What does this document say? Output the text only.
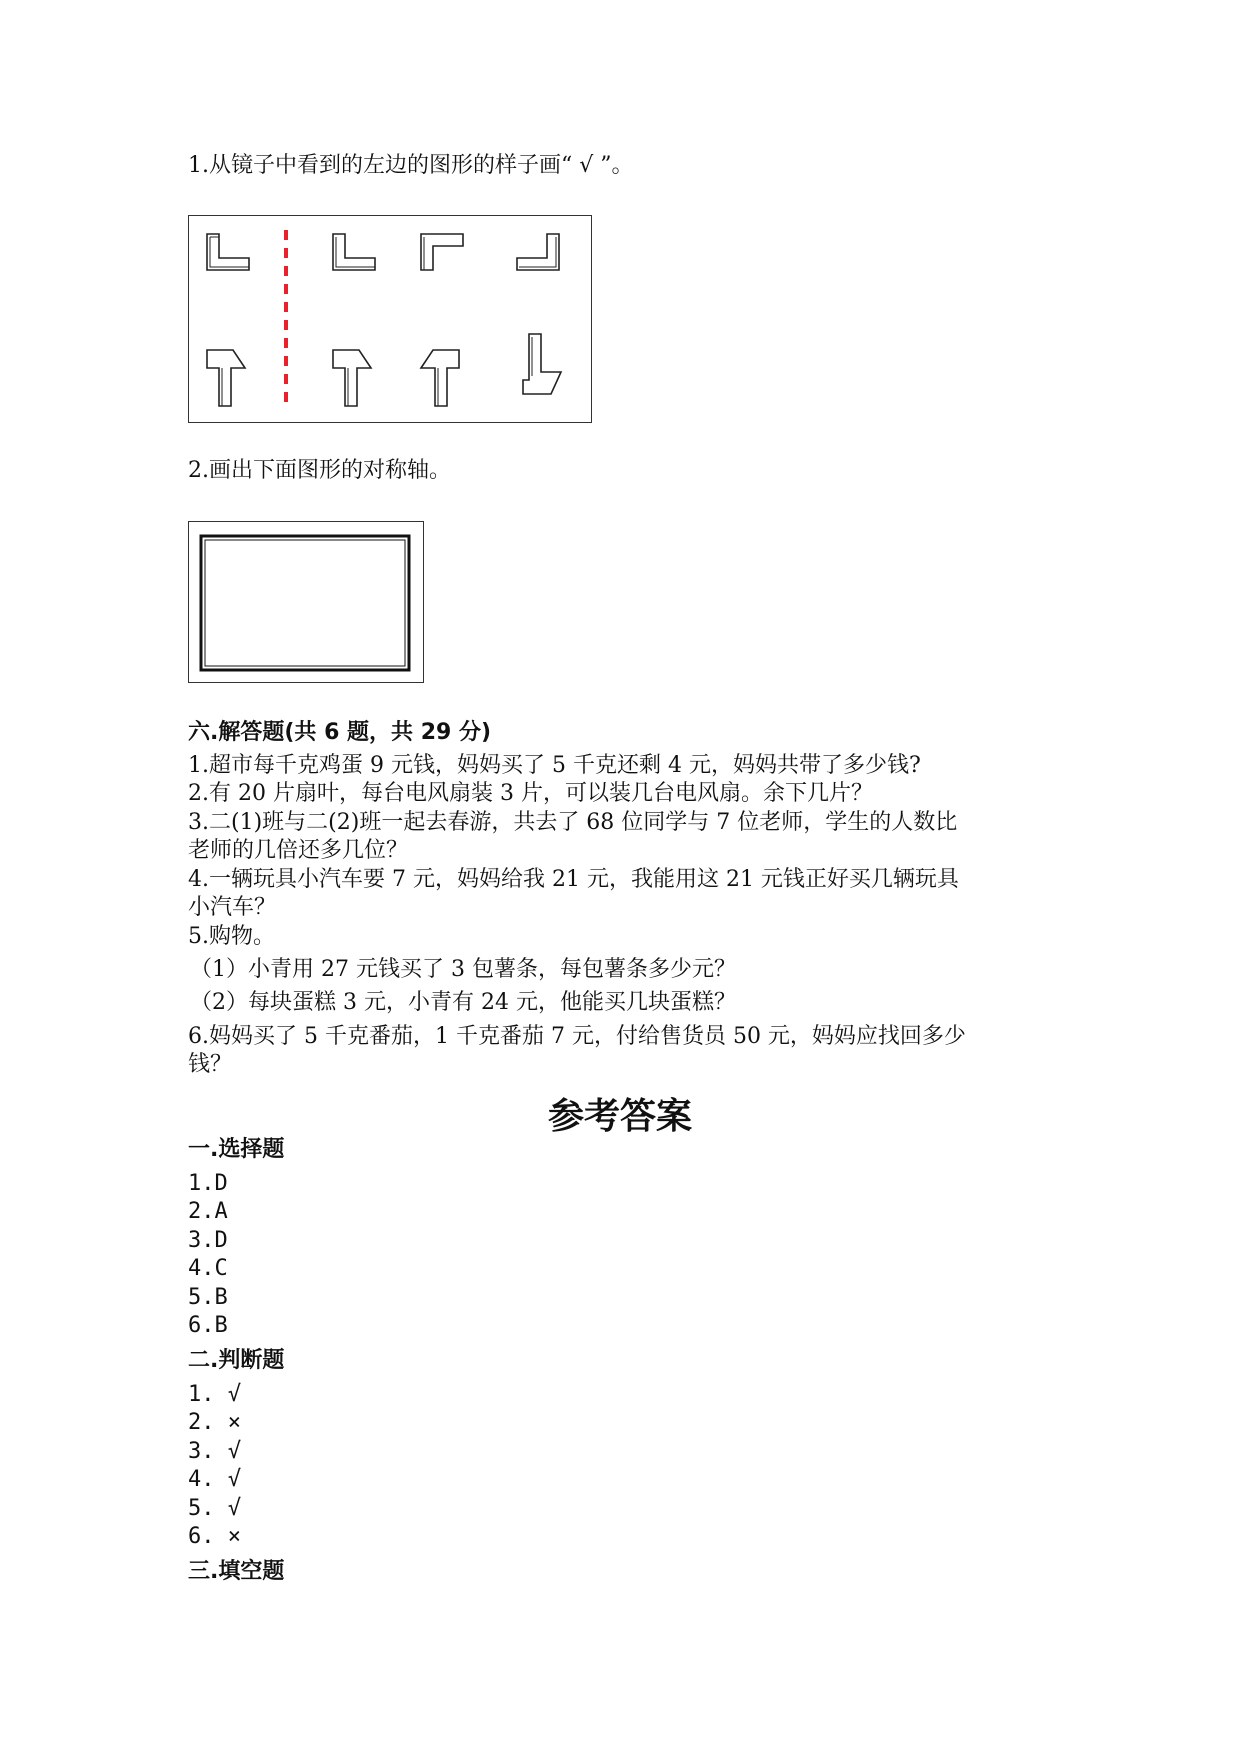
1.从镜子中看到的左边的图形的样子画“ √ ”。
2.画出下面图形的对称轴。
六.解答题(共 6 题，共 29 分)
1.超市每千克鸡蛋 9 元钱，妈妈买了 5 千克还剩 4 元，妈妈共带了多少钱?
2.有 20 片扇叶，每台电风扇装 3 片，可以装几台电风扇。余下几片？
3.二(1)班与二(2)班一起去春游，共去了 68 位同学与 7 位老师，学生的人数比
老师的几倍还多几位？
4.一辆玩具小汽车要 7 元，妈妈给我 21 元，我能用这 21 元钱正好买几辆玩具
小汽车？
5.购物。
（1）小青用 27 元钱买了 3 包薯条，每包薯条多少元？
（2）每块蛋糕 3 元，小青有 24 元，他能买几块蛋糕？
6.妈妈买了 5 千克番茄，1 千克番茄 7 元，付给售货员 50 元，妈妈应找回多少
钱？
参考答案
一.选择题
1.D
2.A
3.D
4.C
5.B
6.B
二.判断题
1. √
2. ×
3. √
4. √
5. √
6. ×
三.填空题
